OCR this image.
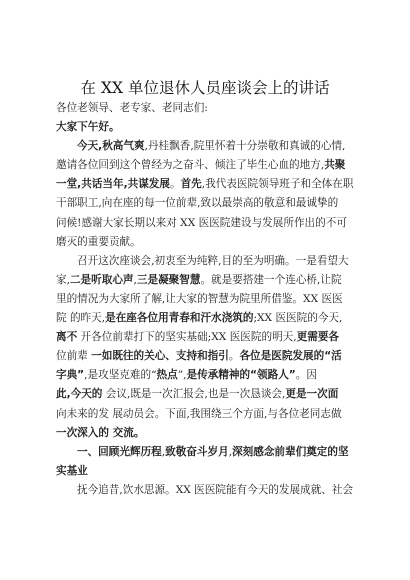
在 XX 单位退休人员座谈会上的讲话

各位老领导、老专家、老同志们:

大家下午好。

今天,秋高气爽,丹桂飘香,院里怀着十分崇敬和真诚的心情,
邀请各位回到这个曾经为之奋斗、倾注了毕生心血的地方,共聚
一堂,共话当年,共谋发展。首先,我代表医院领导班子和全体在职
干部职工,向在座的每一位前辈,致以最崇高的敬意和最诚挚的
问候!感谢大家长期以来对 XX 医医院建设与发展所作出的不可
磨灭的重要贡献。
召开这次座谈会,初衷至为纯粹,目的至为明确。一是看望大
家,二是听取心声,三是凝聚智慧。就是要搭建一个连心桥,让院
里的情况为大家所了解,让大家的智慧为院里所借鉴。XX 医医
院 的昨天,是在座各位用青春和汗水浇筑的;XX 医医院的今天,
离不 开各位前辈打下的坚实基础;XX 医医院的明天,更需要各
位前辈 一如既往的关心、支持和指引。各位是医院发展的“活
字典”,是攻坚克难的“热点”,是传承精神的“领路人”。因
此,今天的 会议,既是一次汇报会,也是一次恳谈会,更是一次面
向未来的发 展动员会。下面,我围绕三个方面,与各位老同志做
一次深入的 交流。
一、回顾光辉历程,致敬奋斗岁月,深刻感念前辈们奠定的坚
实基业
抚今追昔,饮水思源。XX 医医院能有今天的发展成就、社会
